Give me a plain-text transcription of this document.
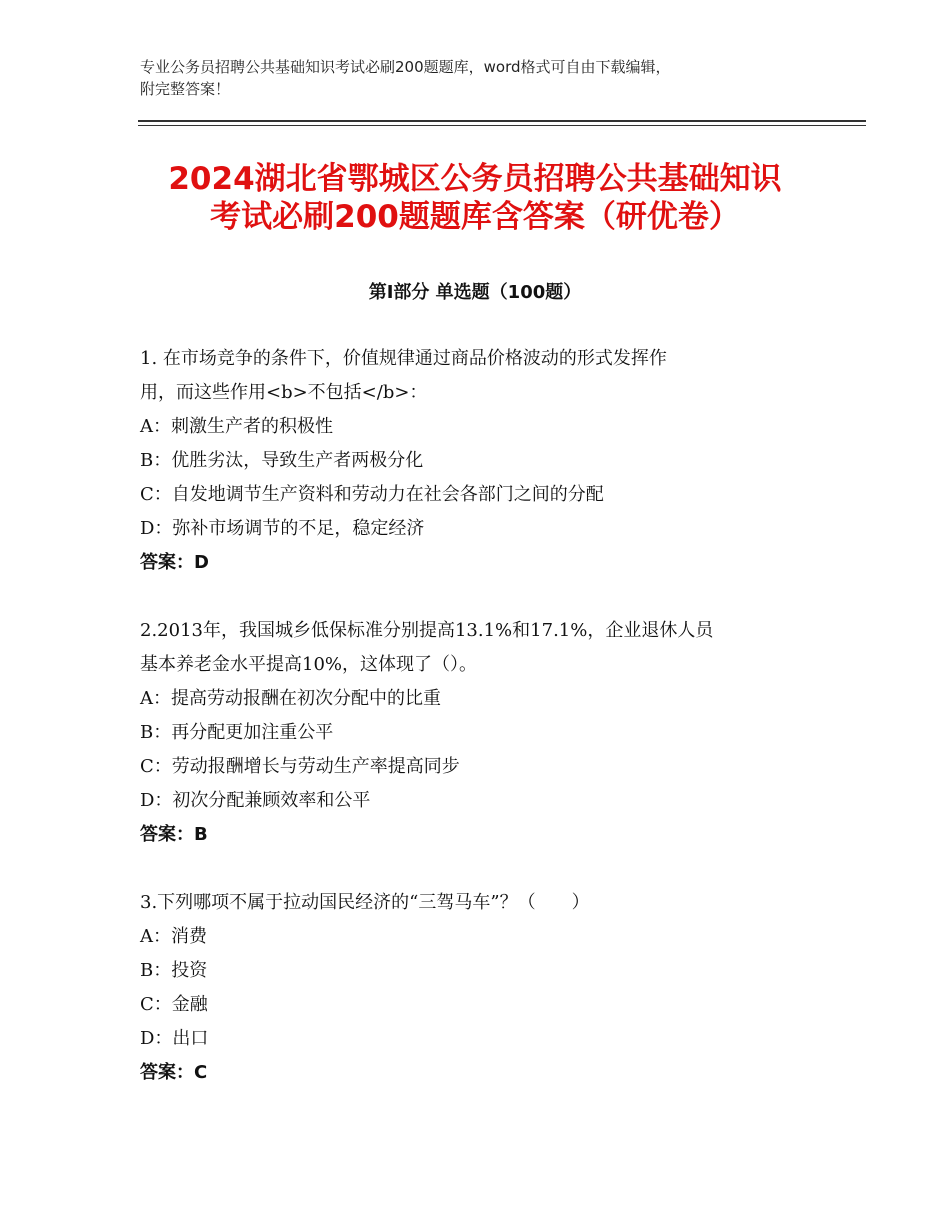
专业公务员招聘公共基础知识考试必刷200题题库，word格式可自由下载编辑，
附完整答案！
2024湖北省鄂城区公务员招聘公共基础知识
考试必刷200题题库含答案（研优卷）
第Ⅰ部分 单选题（100题）
1. 在市场竞争的条件下，价值规律通过商品价格波动的形式发挥作
用，而这些作用<b>不包括</b>：
A：刺激生产者的积极性
B：优胜劣汰，导致生产者两极分化
C：自发地调节生产资料和劳动力在社会各部门之间的分配
D：弥补市场调节的不足，稳定经济
答案：D
2.2013年，我国城乡低保标准分别提高13.1%和17.1%，企业退休人员
基本养老金水平提高10%，这体现了（）。
A：提高劳动报酬在初次分配中的比重
B：再分配更加注重公平
C：劳动报酬增长与劳动生产率提高同步
D：初次分配兼顾效率和公平
答案：B
3.下列哪项不属于拉动国民经济的“三驾马车”？（　　）
A：消费
B：投资
C：金融
D：出口
答案：C
